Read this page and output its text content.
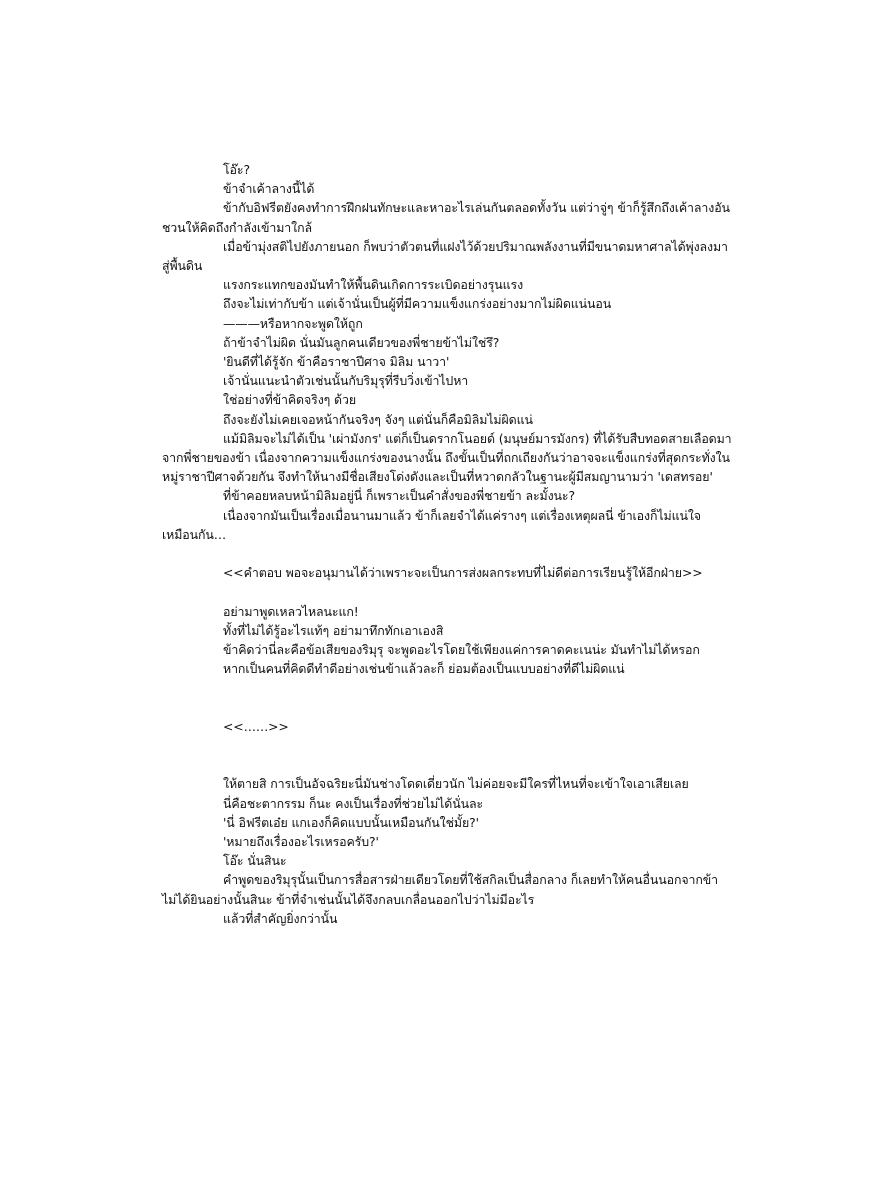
โอ๊ะ?

ข้าจำเค้าลางนี้ได้

ข้ากับอิฟรีตยังคงทำการฝึกฝนทักษะและหาอะไรเล่นกันตลอดทั้งวัน แต่ว่าจู่ๆ ข้าก็รู้สึกถึงเค้าลางอันชวนให้คิดถึงกำลังเข้ามาใกล้

เมื่อข้ามุ่งสติไปยังภายนอก ก็พบว่าตัวตนที่แฝงไว้ด้วยปริมาณพลังงานที่มีขนาดมหาศาลได้พุ่งลงมาสู่พื้นดิน

แรงกระแทกของมันทำให้พื้นดินเกิดการระเบิดอย่างรุนแรง

ถึงจะไม่เท่ากับข้า แต่เจ้านั่นเป็นผู้ที่มีความแข็งแกร่งอย่างมากไม่ผิดแน่นอน

———หรือหากจะพูดให้ถูก

ถ้าข้าจำไม่ผิด นั่นมันลูกคนเดียวของพี่ชายข้าไม่ใช่รึ?

'ยินดีที่ได้รู้จัก ข้าคือราชาปีศาจ มิลิม นาวา'

เจ้านั่นแนะนำตัวเช่นนั้นกับริมุรุที่รีบวิ่งเข้าไปหา

ใช่อย่างที่ข้าคิดจริงๆ ด้วย

ถึงจะยังไม่เคยเจอหน้ากันจริงๆ จังๆ แต่นั่นก็คือมิลิมไม่ผิดแน่

แม้มิลิมจะไม่ได้เป็น 'เผ่ามังกร' แต่ก็เป็นดรากโนอยด์ (มนุษย์มารมังกร) ที่ได้รับสืบทอดสายเลือดมาจากพี่ชายของข้า เนื่องจากความแข็งแกร่งของนางนั้น ถึงขั้นเป็นที่ถกเถียงกันว่าอาจจะแข็งแกร่งที่สุดกระทั่งในหมู่ราชาปีศาจด้วยกัน จึงทำให้นางมีชื่อเสียงโด่งดังและเป็นที่หวาดกลัวในฐานะผู้มีสมญานามว่า 'เดสทรอย'

ที่ข้าคอยหลบหน้ามิลิมอยู่นี่ ก็เพราะเป็นคำสั่งของพี่ชายข้า ละมั้งนะ?

เนื่องจากมันเป็นเรื่องเมื่อนานมาแล้ว ข้าก็เลยจำได้แค่รางๆ แต่เรื่องเหตุผลนี่ ข้าเองก็ไม่แน่ใจเหมือนกัน…

<<คำตอบ พอจะอนุมานได้ว่าเพราะจะเป็นการส่งผลกระทบที่ไม่ดีต่อการเรียนรู้ให้อีกฝ่าย>>

อย่ามาพูดเหลวไหลนะแก!

ทั้งที่ไม่ได้รู้อะไรแท้ๆ อย่ามาทึกทักเอาเองสิ

ข้าคิดว่านี่ละคือข้อเสียของริมุรุ จะพูดอะไรโดยใช้เพียงแค่การคาดคะเนน่ะ มันทำไม่ได้หรอก

หากเป็นคนที่คิดดีทำดีอย่างเช่นข้าแล้วละก็ ย่อมต้องเป็นแบบอย่างที่ดีไม่ผิดแน่

<<……>>

ให้ตายสิ การเป็นอัจฉริยะนี่มันช่างโดดเดี่ยวนัก ไม่ค่อยจะมีใครที่ไหนที่จะเข้าใจเอาเสียเลย

นี่คือชะตากรรม ก็นะ คงเป็นเรื่องที่ช่วยไม่ได้นั่นละ

'นี่ อิฟรีตเอ๋ย แกเองก็คิดแบบนั้นเหมือนกันใช่มั้ย?'

'หมายถึงเรื่องอะไรเหรอครับ?'

โอ๊ะ นั่นสินะ

คำพูดของริมุรุนั้นเป็นการสื่อสารฝ่ายเดียวโดยที่ใช้สกิลเป็นสื่อกลาง ก็เลยทำให้คนอื่นนอกจากข้าไม่ได้ยินอย่างนั้นสินะ ข้าที่จำเช่นนั้นได้จึงกลบเกลื่อนออกไปว่าไม่มีอะไร

แล้วที่สำคัญยิ่งกว่านั้น
